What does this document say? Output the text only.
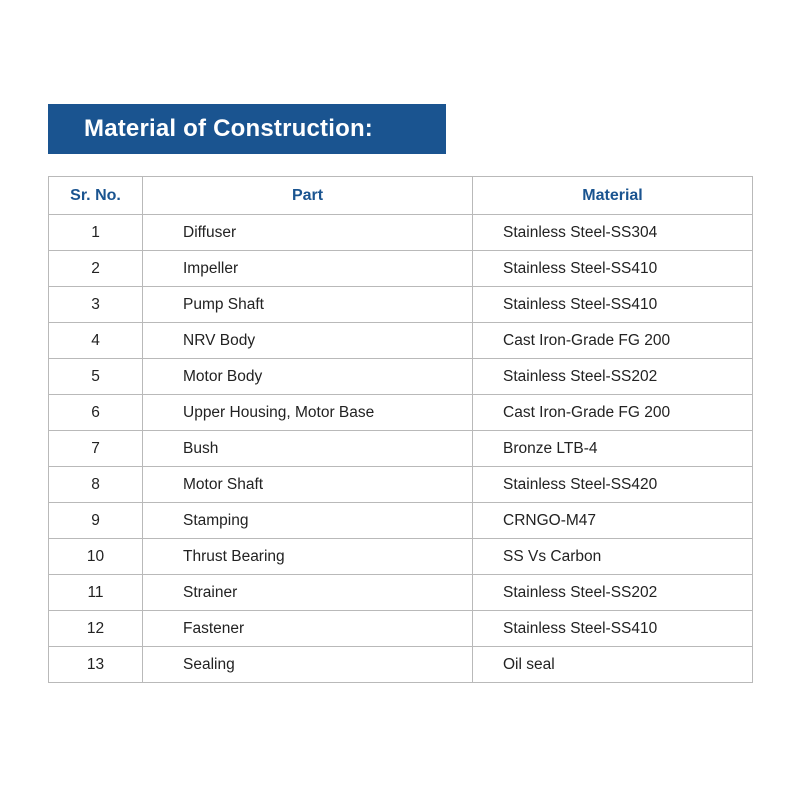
Material of Construction:
Sr. No.	Part	Material
1	Diffuser	Stainless Steel-SS304
2	Impeller	Stainless Steel-SS410
3	Pump Shaft	Stainless Steel-SS410
4	NRV Body	Cast Iron-Grade FG 200
5	Motor Body	Stainless Steel-SS202
6	Upper Housing, Motor Base	Cast Iron-Grade FG 200
7	Bush	Bronze LTB-4
8	Motor Shaft	Stainless Steel-SS420
9	Stamping	CRNGO-M47
10	Thrust Bearing	SS Vs Carbon
11	Strainer	Stainless Steel-SS202
12	Fastener	Stainless Steel-SS410
13	Sealing	Oil seal
